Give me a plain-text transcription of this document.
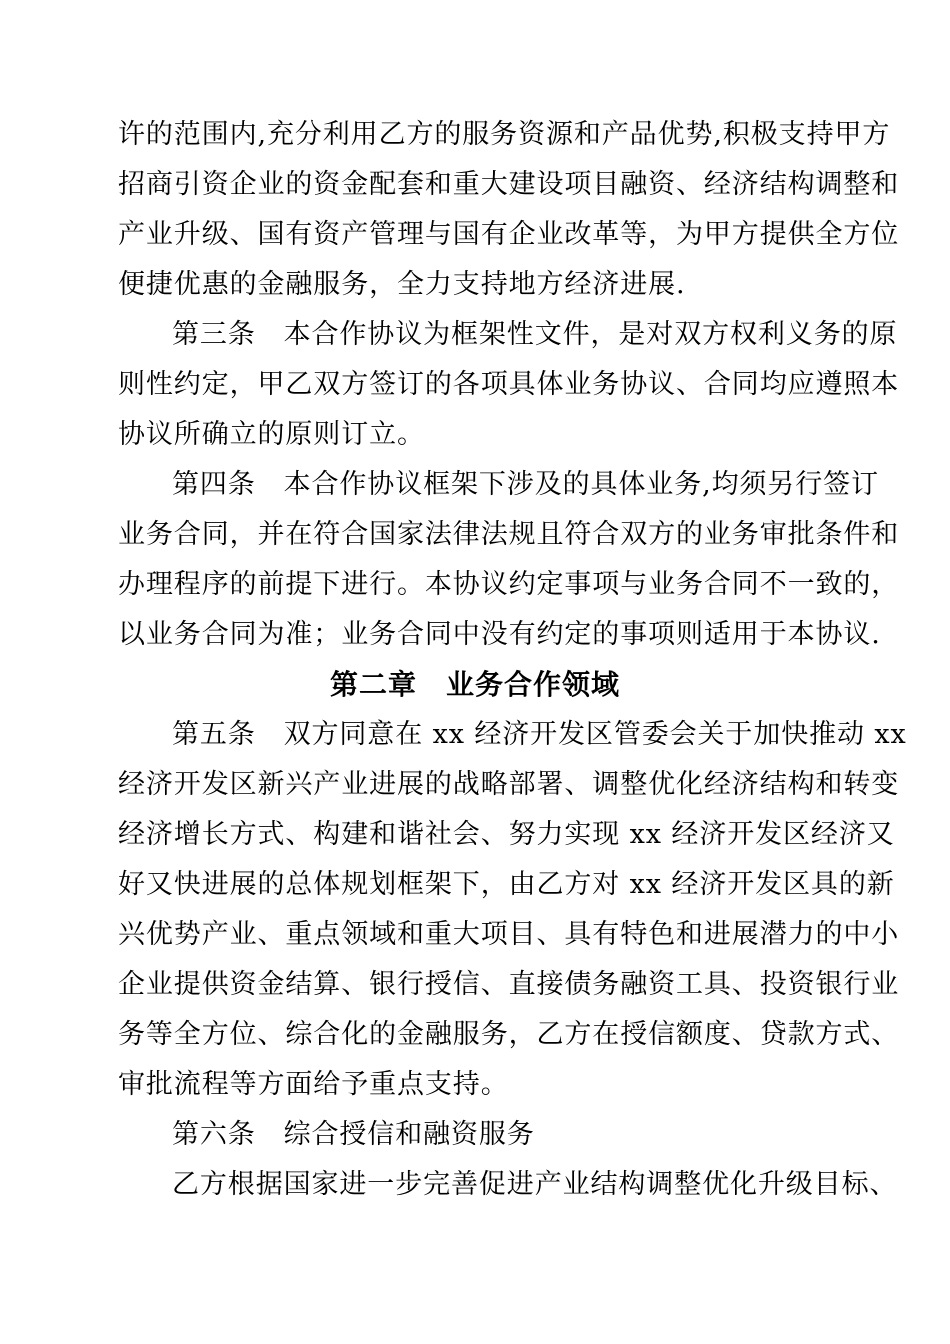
许的范围内,充分利用乙方的服务资源和产品优势,积极支持甲方
招商引资企业的资金配套和重大建设项目融资、经济结构调整和
产业升级、国有资产管理与国有企业改革等，为甲方提供全方位
便捷优惠的金融服务，全力支持地方经济进展.
第三条　本合作协议为框架性文件，是对双方权利义务的原
则性约定，甲乙双方签订的各项具体业务协议、合同均应遵照本
协议所确立的原则订立。
第四条　本合作协议框架下涉及的具体业务,均须另行签订
业务合同，并在符合国家法律法规且符合双方的业务审批条件和
办理程序的前提下进行。本协议约定事项与业务合同不一致的，
以业务合同为准；业务合同中没有约定的事项则适用于本协议.
第二章　业务合作领域
第五条　双方同意在 xx 经济开发区管委会关于加快推动 xx
经济开发区新兴产业进展的战略部署、调整优化经济结构和转变
经济增长方式、构建和谐社会、努力实现 xx 经济开发区经济又
好又快进展的总体规划框架下，由乙方对 xx 经济开发区具的新
兴优势产业、重点领域和重大项目、具有特色和进展潜力的中小
企业提供资金结算、银行授信、直接债务融资工具、投资银行业
务等全方位、综合化的金融服务，乙方在授信额度、贷款方式、
审批流程等方面给予重点支持。
第六条　综合授信和融资服务
乙方根据国家进一步完善促进产业结构调整优化升级目标、
